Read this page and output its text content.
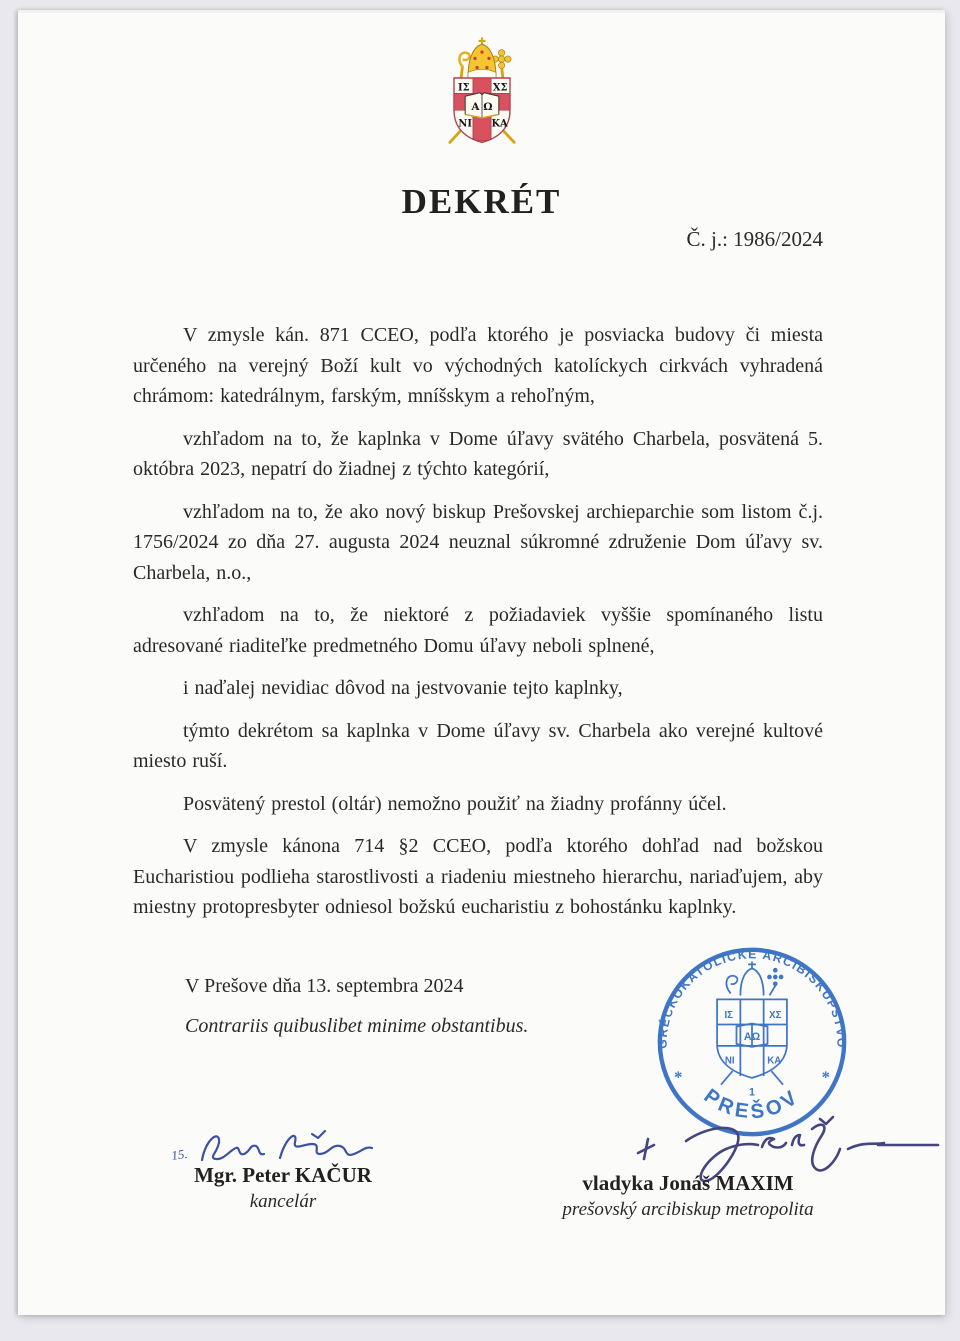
ΙΣ ΧΣ
ΝΙ ΚΑ
Α Ω
DEKRÉT
Č. j.: 1986/2024

V zmysle kán. 871 CCEO, podľa ktorého je posviacka budovy či miesta určeného na verejný Boží kult vo východných katolíckych cirkvách vyhradená chrámom: katedrálnym, farským, mníšskym a rehoľným,

vzhľadom na to, že kaplnka v Dome úľavy svätého Charbela, posvätená 5. októbra 2023, nepatrí do žiadnej z týchto kategórií,

vzhľadom na to, že ako nový biskup Prešovskej archieparchie som listom č.j. 1756/2024 zo dňa 27. augusta 2024 neuznal súkromné združenie Dom úľavy sv. Charbela, n.o.,

vzhľadom na to, že niektoré z požiadaviek vyššie spomínaného listu adresované riaditeľke predmetného Domu úľavy neboli splnené,

i naďalej nevidiac dôvod na jestvovanie tejto kaplnky,

týmto dekrétom sa kaplnka v Dome úľavy sv. Charbela ako verejné kultové miesto ruší.

Posvätený prestol (oltár) nemožno použiť na žiadny profánny účel.

V zmysle kánona 714 §2 CCEO, podľa ktorého dohľad nad božskou Eucharistiou podlieha starostlivosti a riadeniu miestneho hierarchu, nariaďujem, aby miestny protopresbyter odniesol božskú eucharistiu z bohostánku kaplnky.

V Prešove dňa 13. septembra 2024
Contrariis quibuslibet minime obstantibus.
GRÉCKOKATOLÍCKE ARCIBISKUPSTVO
PREŠOV
*	*
ΙΣ	ΧΣ
ΝΙ	ΚΑ
ΑΩ
1
15.
Mgr. Peter KAČUR
kancelár
vladyka Jonáš MAXIM
prešovský arcibiskup metropolita
